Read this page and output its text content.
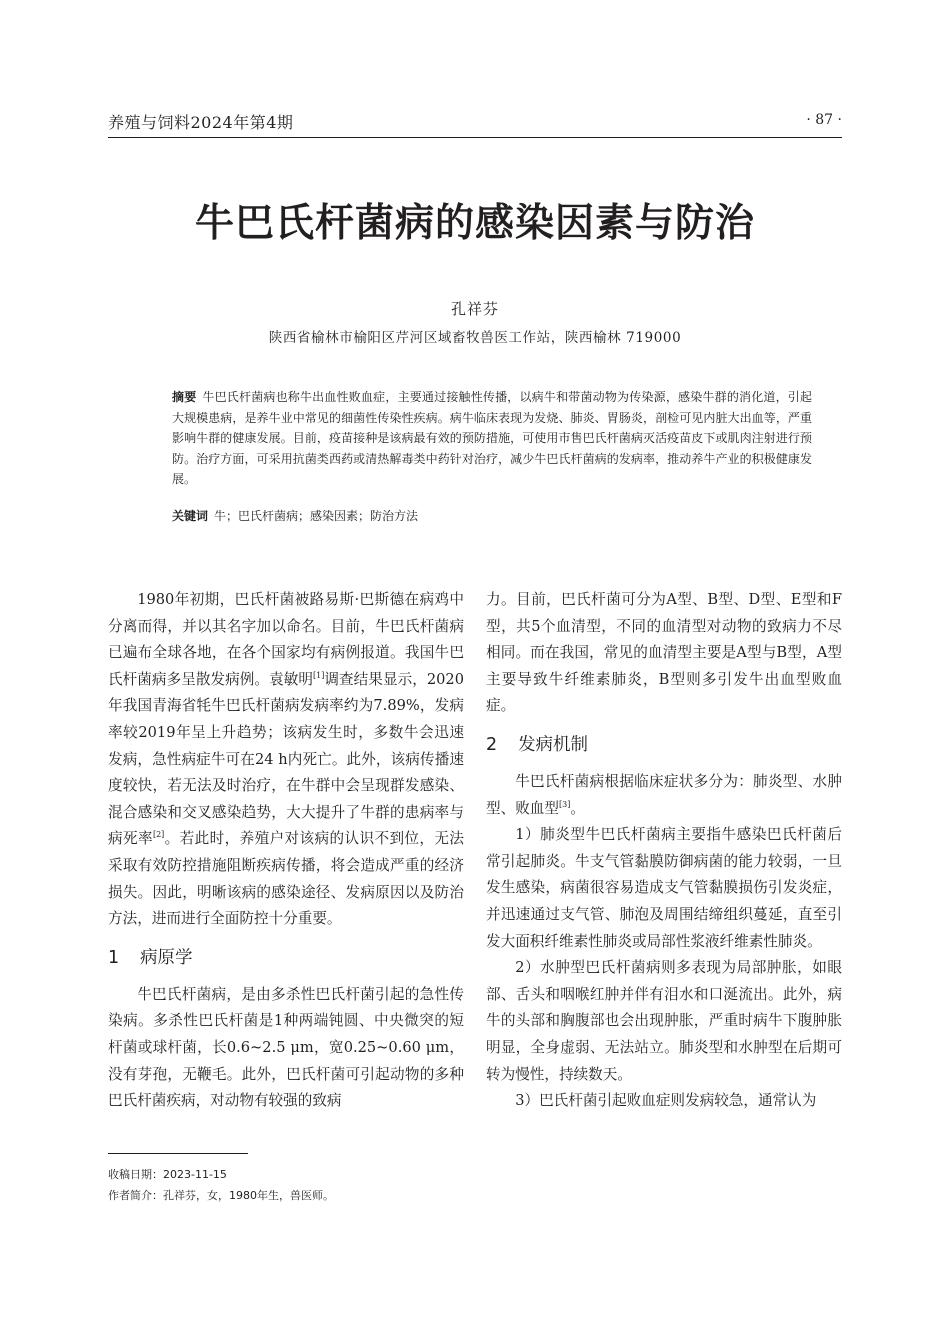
养殖与饲料2024年第4期	· 87 ·
牛巴氏杆菌病的感染因素与防治
孔祥芬
陕西省榆林市榆阳区芹河区域畜牧兽医工作站，陕西榆林 719000
摘要 牛巴氏杆菌病也称牛出血性败血症，主要通过接触性传播，以病牛和带菌动物为传染源，感染牛群的消化道，引起大规模患病，是养牛业中常见的细菌性传染性疾病。病牛临床表现为发烧、肺炎、胃肠炎，剖检可见内脏大出血等，严重影响牛群的健康发展。目前，疫苗接种是该病最有效的预防措施，可使用市售巴氏杆菌病灭活疫苗皮下或肌肉注射进行预防。治疗方面，可采用抗菌类西药或清热解毒类中药针对治疗，减少牛巴氏杆菌病的发病率，推动养牛产业的积极健康发展。
关键词 牛；巴氏杆菌病；感染因素；防治方法

1980年初期，巴氏杆菌被路易斯·巴斯德在病鸡中分离而得，并以其名字加以命名。目前，牛巴氏杆菌病已遍布全球各地，在各个国家均有病例报道。我国牛巴氏杆菌病多呈散发病例。袁敏明[1]调查结果显示，2020年我国青海省牦牛巴氏杆菌病发病率约为7.89%，发病率较2019年呈上升趋势；该病发生时，多数牛会迅速发病，急性病症牛可在24 h内死亡。此外，该病传播速度较快，若无法及时治疗，在牛群中会呈现群发感染、混合感染和交叉感染趋势，大大提升了牛群的患病率与病死率[2]。若此时，养殖户对该病的认识不到位，无法采取有效防控措施阻断疾病传播，将会造成严重的经济损失。因此，明晰该病的感染途径、发病原因以及防治方法，进而进行全面防控十分重要。

1 病原学

牛巴氏杆菌病，是由多杀性巴氏杆菌引起的急性传染病。多杀性巴氏杆菌是1种两端钝圆、中央微突的短杆菌或球杆菌，长0.6~2.5 μm，宽0.25~0.60 μm，没有芽孢，无鞭毛。此外，巴氏杆菌可引起动物的多种巴氏杆菌疾病，对动物有较强的致病

力。目前，巴氏杆菌可分为A型、B型、D型、E型和F型，共5个血清型，不同的血清型对动物的致病力不尽相同。而在我国，常见的血清型主要是A型与B型，A型主要导致牛纤维素肺炎，B型则多引发牛出血型败血症。

2 发病机制

牛巴氏杆菌病根据临床症状多分为：肺炎型、水肿型、败血型[3]。

1）肺炎型牛巴氏杆菌病主要指牛感染巴氏杆菌后常引起肺炎。牛支气管黏膜防御病菌的能力较弱，一旦发生感染，病菌很容易造成支气管黏膜损伤引发炎症，并迅速通过支气管、肺泡及周围结缔组织蔓延，直至引发大面积纤维素性肺炎或局部性浆液纤维素性肺炎。

2）水肿型巴氏杆菌病则多表现为局部肿胀，如眼部、舌头和咽喉红肿并伴有泪水和口涎流出。此外，病牛的头部和胸腹部也会出现肿胀，严重时病牛下腹肿胀明显，全身虚弱、无法站立。肺炎型和水肿型在后期可转为慢性，持续数天。

3）巴氏杆菌引起败血症则发病较急，通常认为

收稿日期：2023-11-15
作者简介：孔祥芬，女，1980年生，兽医师。
